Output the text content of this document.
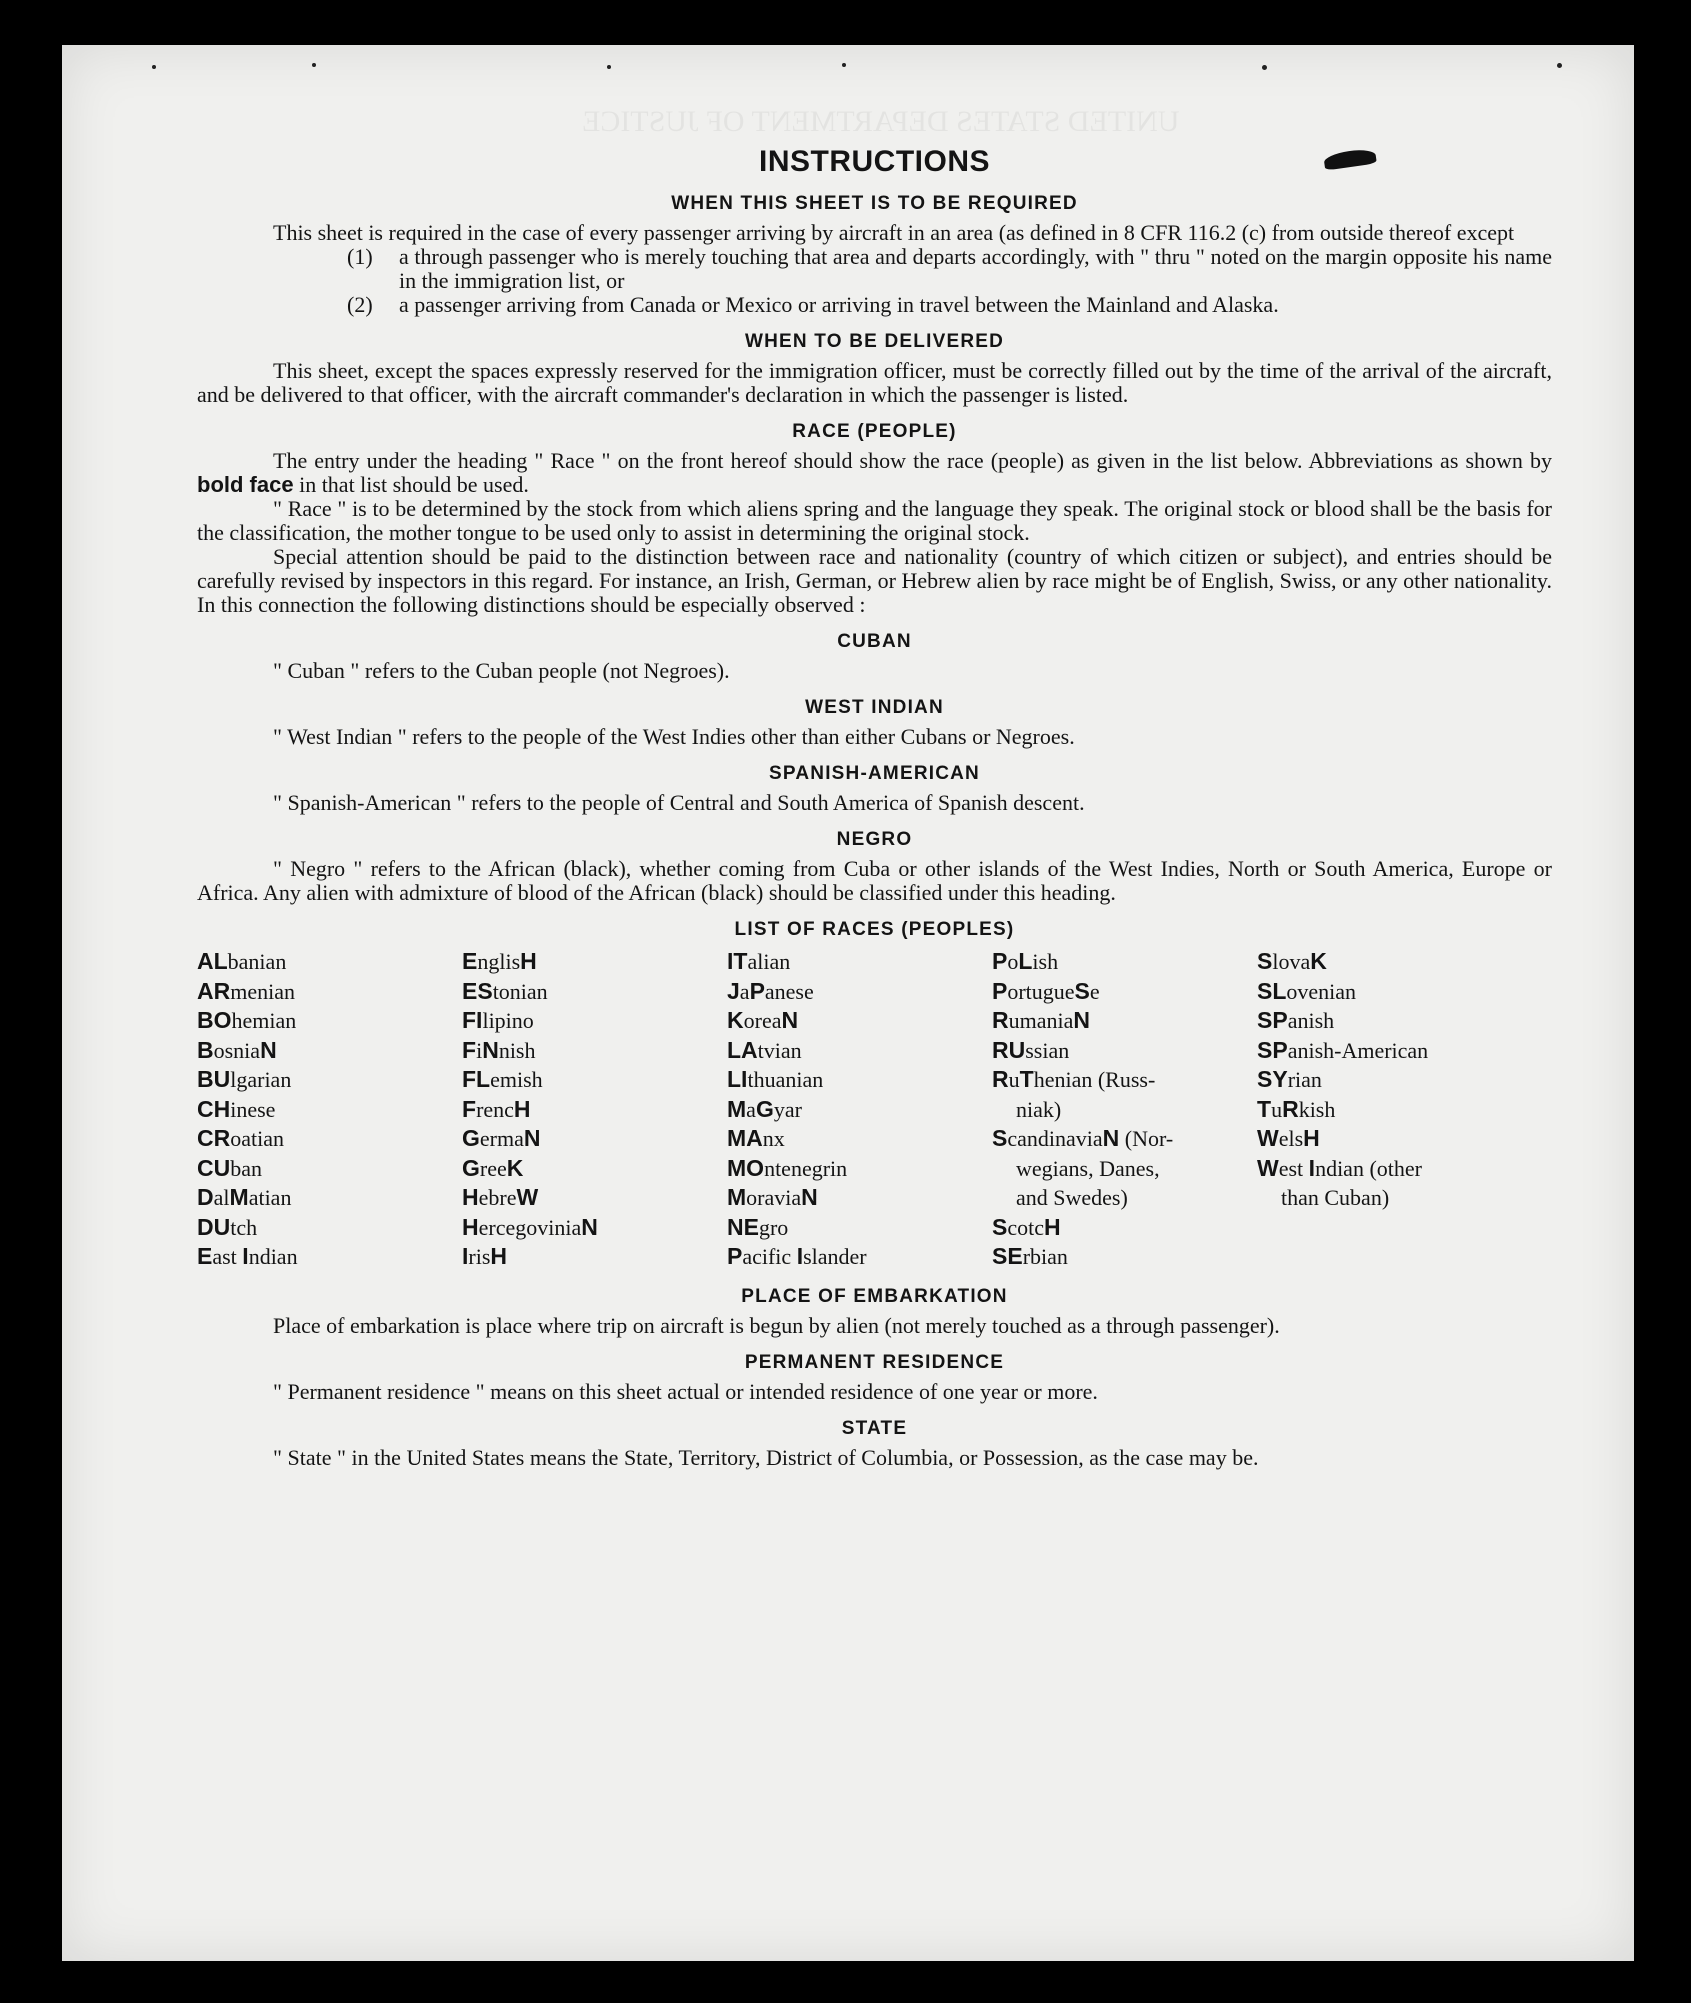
UNITED STATES DEPARTMENT OF JUSTICE
INSTRUCTIONS
WHEN THIS SHEET IS TO BE REQUIRED

This sheet is required in the case of every passenger arriving by aircraft in an area (as defined in 8 CFR 116.2 (c) from outside thereof except

(1)	a through passenger who is merely touching that area and departs accordingly, with " thru " noted on the margin opposite his name in the immigration list, or
(2)	a passenger arriving from Canada or Mexico or arriving in travel between the Mainland and Alaska.
WHEN TO BE DELIVERED

This sheet, except the spaces expressly reserved for the immigration officer, must be correctly filled out by the time of the arrival of the aircraft, and be delivered to that officer, with the aircraft commander's declaration in which the passenger is listed.

RACE (PEOPLE)

The entry under the heading " Race " on the front hereof should show the race (people) as given in the list below. Abbreviations as shown by bold face in that list should be used.

" Race " is to be determined by the stock from which aliens spring and the language they speak. The original stock or blood shall be the basis for the classification, the mother tongue to be used only to assist in determining the original stock.

Special attention should be paid to the distinction between race and nationality (country of which citizen or subject), and entries should be carefully revised by inspectors in this regard. For instance, an Irish, German, or Hebrew alien by race might be of English, Swiss, or any other nationality. In this connection the following distinctions should be especially observed :

CUBAN

" Cuban " refers to the Cuban people (not Negroes).

WEST INDIAN

" West Indian " refers to the people of the West Indies other than either Cubans or Negroes.

SPANISH-AMERICAN

" Spanish-American " refers to the people of Central and South America of Spanish descent.

NEGRO

" Negro " refers to the African (black), whether coming from Cuba or other islands of the West Indies, North or South America, Europe or Africa. Any alien with admixture of blood of the African (black) should be classified under this heading.

LIST OF RACES (PEOPLES)
ALbanian
ARmenian
BOhemian
BosniaN
BUlgarian
CHinese
CRoatian
CUban
DalMatian
DUtch
East Indian
EnglisH
EStonian
FIlipino
FiNnish
FLemish
FrencH
GermaN
GreeK
HebreW
HercegoviniaN
IrisH
ITalian
JaPanese
KoreaN
LAtvian
LIthuanian
MaGyar
MAnx
MOntenegrin
MoraviaN
NEgro
Pacific Islander
PoLish
PortugueSe
RumaniaN
RUssian
RuThenian (Russ-
niak)
ScandinaviaN (Nor-
wegians, Danes,
and Swedes)
ScotcH
SErbian
SlovaK
SLovenian
SPanish
SPanish-American
SYrian
TuRkish
WelsH
West Indian (other
than Cuban)
PLACE OF EMBARKATION

Place of embarkation is place where trip on aircraft is begun by alien (not merely touched as a through passenger).

PERMANENT RESIDENCE

" Permanent residence " means on this sheet actual or intended residence of one year or more.

STATE

" State " in the United States means the State, Territory, District of Columbia, or Possession, as the case may be.
